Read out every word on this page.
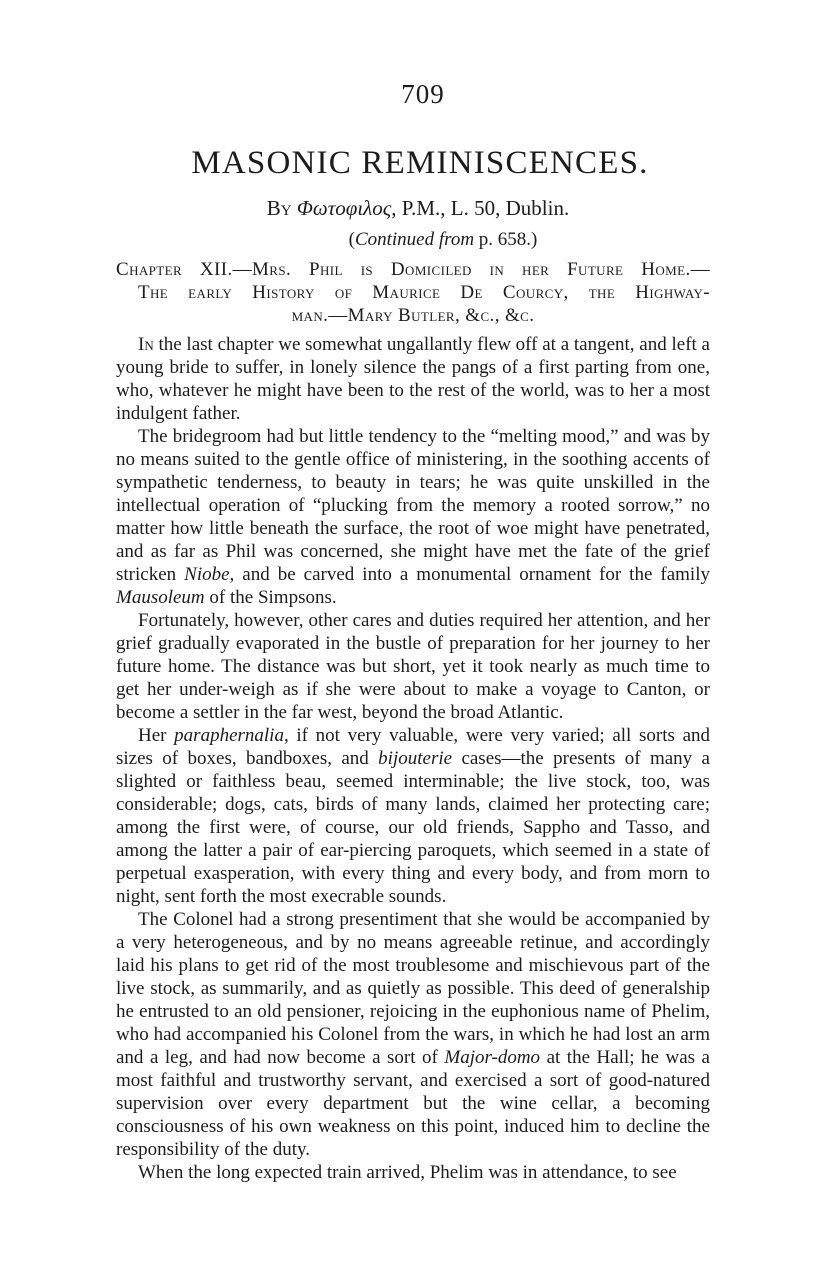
709
MASONIC REMINISCENCES.
By Φωτοφιλος, P.M., L. 50, Dublin.
(Continued from p. 658.)
Chapter XII.—Mrs. Phil is Domiciled in her Future Home.—
The early History of Maurice De Courcy, the Highway-
man.—Mary Butler, &c., &c.

In the last chapter we somewhat ungallantly flew off at a tangent, and left a young bride to suffer, in lonely silence the pangs of a first parting from one, who, whatever he might have been to the rest of the world, was to her a most indulgent father.

The bridegroom had but little tendency to the “melting mood,” and was by no means suited to the gentle office of ministering, in the soothing accents of sympathetic tenderness, to beauty in tears; he was quite unskilled in the intellectual operation of “plucking from the memory a rooted sorrow,” no matter how little beneath the surface, the root of woe might have penetrated, and as far as Phil was concerned, she might have met the fate of the grief stricken Niobe, and be carved into a monumental ornament for the family Mausoleum of the Simpsons.

Fortunately, however, other cares and duties required her attention, and her grief gradually evaporated in the bustle of preparation for her journey to her future home. The distance was but short, yet it took nearly as much time to get her under-weigh as if she were about to make a voyage to Canton, or become a settler in the far west, beyond the broad Atlantic.

Her paraphernalia, if not very valuable, were very varied; all sorts and sizes of boxes, bandboxes, and bijouterie cases—the presents of many a slighted or faithless beau, seemed interminable; the live stock, too, was considerable; dogs, cats, birds of many lands, claimed her protecting care; among the first were, of course, our old friends, Sappho and Tasso, and among the latter a pair of ear-piercing paroquets, which seemed in a state of perpetual exasperation, with every thing and every body, and from morn to night, sent forth the most execrable sounds.

The Colonel had a strong presentiment that she would be accompanied by a very heterogeneous, and by no means agreeable retinue, and accordingly laid his plans to get rid of the most troublesome and mischievous part of the live stock, as summarily, and as quietly as possible. This deed of generalship he entrusted to an old pensioner, rejoicing in the euphonious name of Phelim, who had accompanied his Colonel from the wars, in which he had lost an arm and a leg, and had now become a sort of Major-domo at the Hall; he was a most faithful and trustworthy servant, and exercised a sort of good-natured supervision over every department but the wine cellar, a becoming consciousness of his own weakness on this point, induced him to decline the responsibility of the duty.

When the long expected train arrived, Phelim was in attendance, to see
